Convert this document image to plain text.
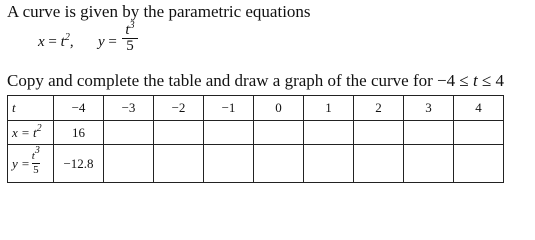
A curve is given by the parametric equations
$x = t^2$, y =
$t^3$
5
Copy and complete the table and draw a graph of the curve for −4 ≤ t ≤ 4
t	−4	−3	−2	−1	0	1	2	3	4
$x = t^2$	16								

$y = \frac{t^3}{5}$	−12.8								
